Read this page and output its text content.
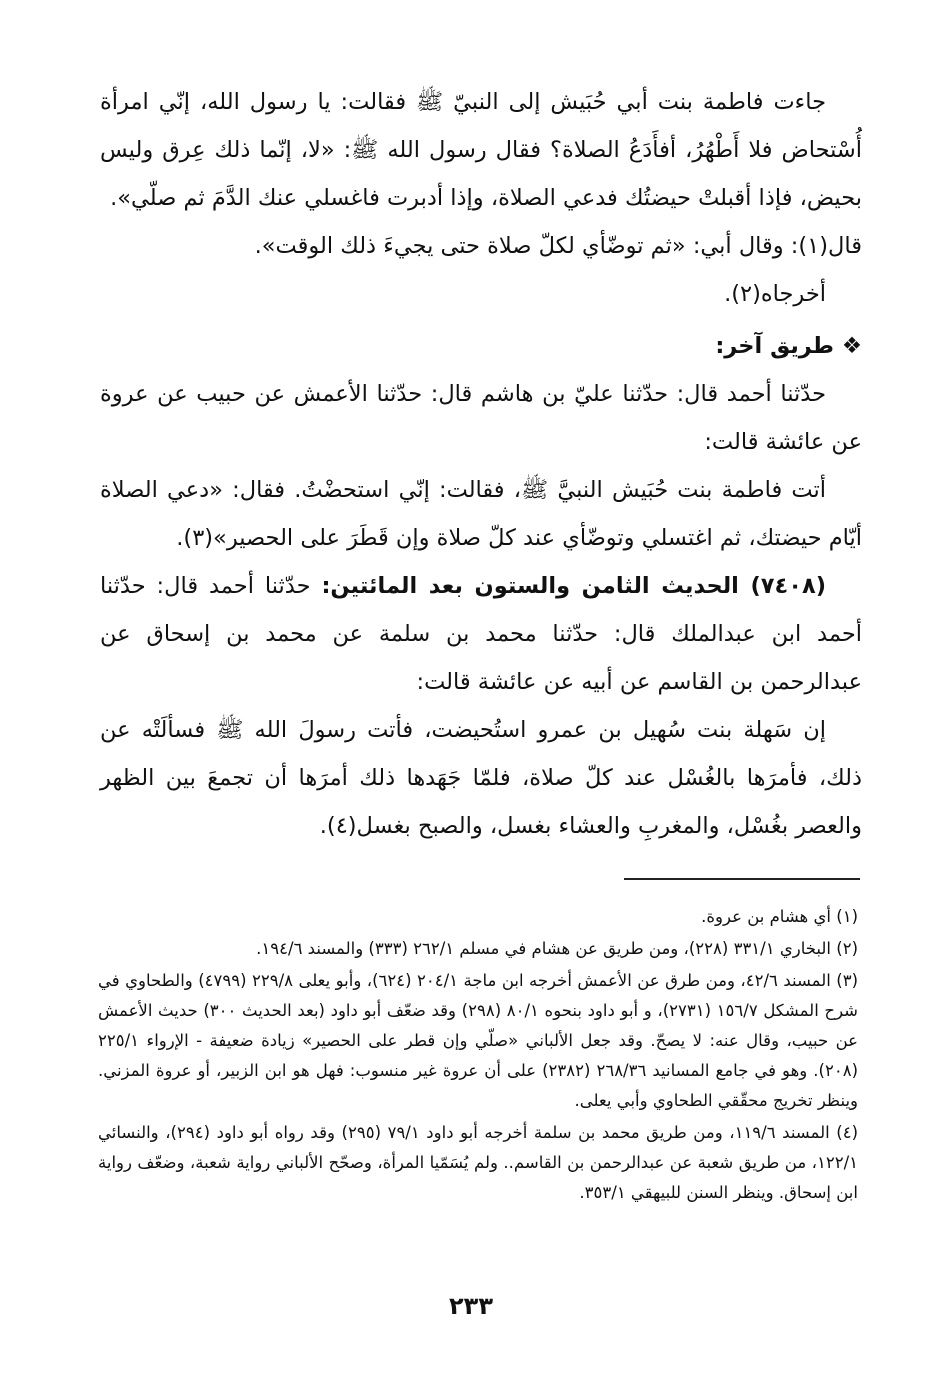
جاءت فاطمة بنت أبي حُبَيش إلى النبيّ ﷺ فقالت: يا رسول الله، إنّي امرأة أُسْتحاض فلا أَطْهُرُ، أفأَدَعُ الصلاة؟ فقال رسول الله ﷺ: «لا، إنّما ذلك عِرق وليس بحيض، فإذا أقبلتْ حيضتُك فدعي الصلاة، وإذا أدبرت فاغسلي عنك الدَّمَ ثم صلّي».

قال(١): وقال أبي: «ثم توضّأي لكلّ صلاة حتى يجيءَ ذلك الوقت».

أخرجاه(٢).

❖ طريق آخر:

حدّثنا أحمد قال: حدّثنا عليّ بن هاشم قال: حدّثنا الأعمش عن حبيب عن عروة عن عائشة قالت:

أتت فاطمة بنت حُبَيش النبيَّ ﷺ، فقالت: إنّي استحضْتُ. فقال: «دعي الصلاة أيّام حيضتك، ثم اغتسلي وتوضّأي عند كلّ صلاة وإن قَطَرَ على الحصير»(٣).

(٧٤٠٨) الحديث الثامن والستون بعد المائتين: حدّثنا أحمد قال: حدّثنا أحمد ابن عبدالملك قال: حدّثنا محمد بن سلمة عن محمد بن إسحاق عن عبدالرحمن بن القاسم عن أبيه عن عائشة قالت:

إن سَهلة بنت سُهيل بن عمرو استُحيضت، فأتت رسولَ الله ﷺ فسألَتْه عن ذلك، فأمرَها بالغُسْل عند كلّ صلاة، فلمّا جَهَدها ذلك أمرَها أن تجمعَ بين الظهر والعصر بغُسْل، والمغربِ والعشاء بغسل، والصبح بغسل(٤).

(١) أي هشام بن عروة.

(٢) البخاري ٣٣١/١ (٢٢٨)، ومن طريق عن هشام في مسلم ٢٦٢/١ (٣٣٣) والمسند ١٩٤/٦.

(٣) المسند ٤٢/٦، ومن طرق عن الأعمش أخرجه ابن ماجة ٢٠٤/١ (٦٢٤)، وأبو يعلى ٢٢٩/٨ (٤٧٩٩) والطحاوي في شرح المشكل ١٥٦/٧ (٢٧٣١)، و أبو داود بنحوه ٨٠/١ (٢٩٨) وقد ضعّف أبو داود (بعد الحديث ٣٠٠) حديث الأعمش عن حبيب، وقال عنه: لا يصحّ. وقد جعل الألباني «صلّي وإن قطر على الحصير» زيادة ضعيفة - الإرواء ٢٢٥/١ (٢٠٨). وهو في جامع المسانيد ٢٦٨/٣٦ (٢٣٨٢) على أن عروة غير منسوب: فهل هو ابن الزبير، أو عروة المزني. وينظر تخريج محقّقي الطحاوي وأبي يعلى.

(٤) المسند ١١٩/٦، ومن طريق محمد بن سلمة أخرجه أبو داود ٧٩/١ (٢٩٥) وقد رواه أبو داود (٢٩٤)، والنسائي ١٢٢/١، من طريق شعبة عن عبدالرحمن بن القاسم.. ولم يُسَمّيا المرأة، وصحّح الألباني رواية شعبة، وضعّف رواية ابن إسحاق. وينظر السنن للبيهقي ٣٥٣/١.

٢٣٣
